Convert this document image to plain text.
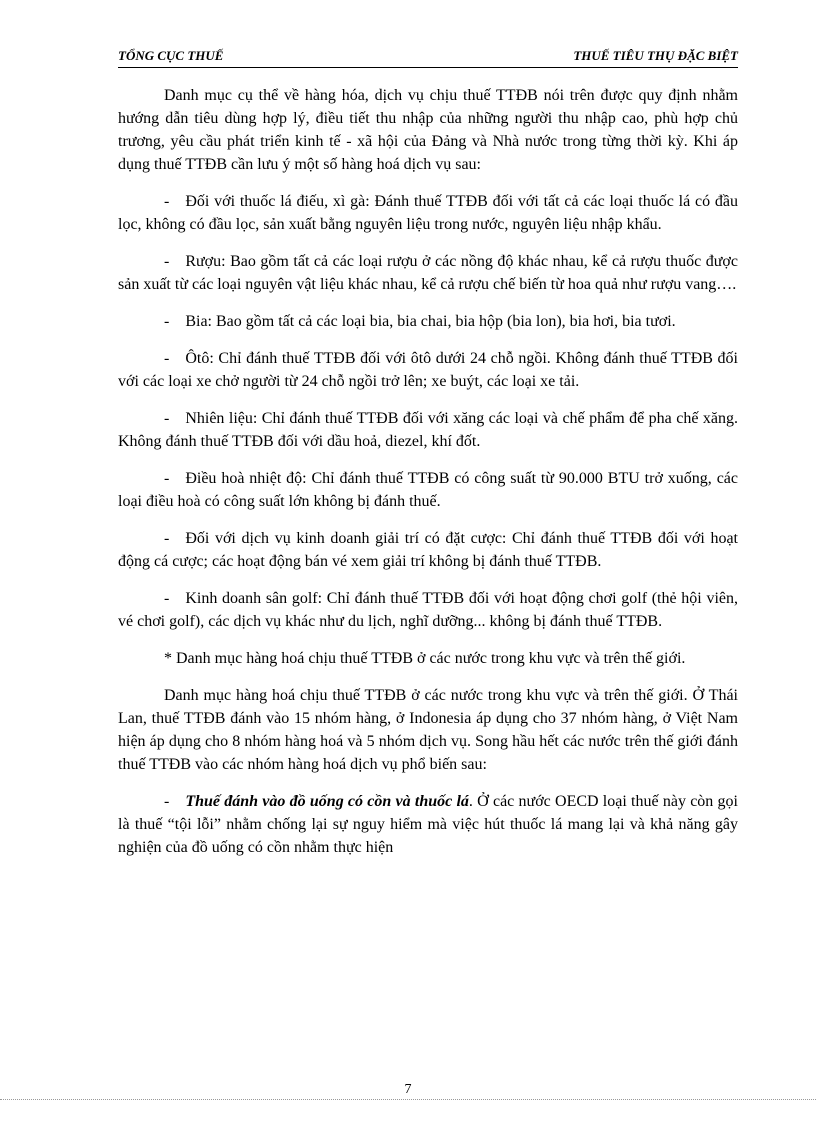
TỔNG CỤC THUẾ	THUẾ TIÊU THỤ ĐẶC BIỆT

Danh mục cụ thể về hàng hóa, dịch vụ chịu thuế TTĐB nói trên được quy định nhằm hướng dẫn tiêu dùng hợp lý, điều tiết thu nhập của những người thu nhập cao, phù hợp chủ trương, yêu cầu phát triển kinh tế - xã hội của Đảng và Nhà nước trong từng thời kỳ. Khi áp dụng thuế TTĐB cần lưu ý một số hàng hoá dịch vụ sau:

- Đối với thuốc lá điếu, xì gà: Đánh thuế TTĐB đối với tất cả các loại thuốc lá có đầu lọc, không có đầu lọc, sản xuất bằng nguyên liệu trong nước, nguyên liệu nhập khẩu.

- Rượu: Bao gồm tất cả các loại rượu ở các nồng độ khác nhau, kể cả rượu thuốc được sản xuất từ các loại nguyên vật liệu khác nhau, kể cả rượu chế biến từ hoa quả như rượu vang….

- Bia: Bao gồm tất cả các loại bia, bia chai, bia hộp (bia lon), bia hơi, bia tươi.

- Ôtô: Chỉ đánh thuế TTĐB đối với ôtô dưới 24 chỗ ngồi. Không đánh thuế TTĐB đối với các loại xe chở người từ 24 chỗ ngồi trở lên; xe buýt, các loại xe tải.

- Nhiên liệu: Chỉ đánh thuế TTĐB đối với xăng các loại và chế phẩm để pha chế xăng. Không đánh thuế TTĐB đối với dầu hoả, diezel, khí đốt.

- Điều hoà nhiệt độ: Chỉ đánh thuế TTĐB có công suất từ 90.000 BTU trở xuống, các loại điều hoà có công suất lớn không bị đánh thuế.

- Đối với dịch vụ kinh doanh giải trí có đặt cược: Chỉ đánh thuế TTĐB đối với hoạt động cá cược; các hoạt động bán vé xem giải trí không bị đánh thuế TTĐB.

- Kinh doanh sân golf: Chỉ đánh thuế TTĐB đối với hoạt động chơi golf (thẻ hội viên, vé chơi golf), các dịch vụ khác như du lịch, nghĩ dưỡng... không bị đánh thuế TTĐB.

* Danh mục hàng hoá chịu thuế TTĐB ở các nước trong khu vực và trên thế giới.

Danh mục hàng hoá chịu thuế TTĐB ở các nước trong khu vực và trên thế giới. Ở Thái Lan, thuế TTĐB đánh vào 15 nhóm hàng, ở Indonesia áp dụng cho 37 nhóm hàng, ở Việt Nam hiện áp dụng cho 8 nhóm hàng hoá và 5 nhóm dịch vụ. Song hầu hết các nước trên thế giới đánh thuế TTĐB vào các nhóm hàng hoá dịch vụ phổ biến sau:

- Thuế đánh vào đồ uống có cồn và thuốc lá. Ở các nước OECD loại thuế này còn gọi là thuế “tội lỗi” nhằm chống lại sự nguy hiểm mà việc hút thuốc lá mang lại và khả năng gây nghiện của đồ uống có cồn nhằm thực hiện

7
